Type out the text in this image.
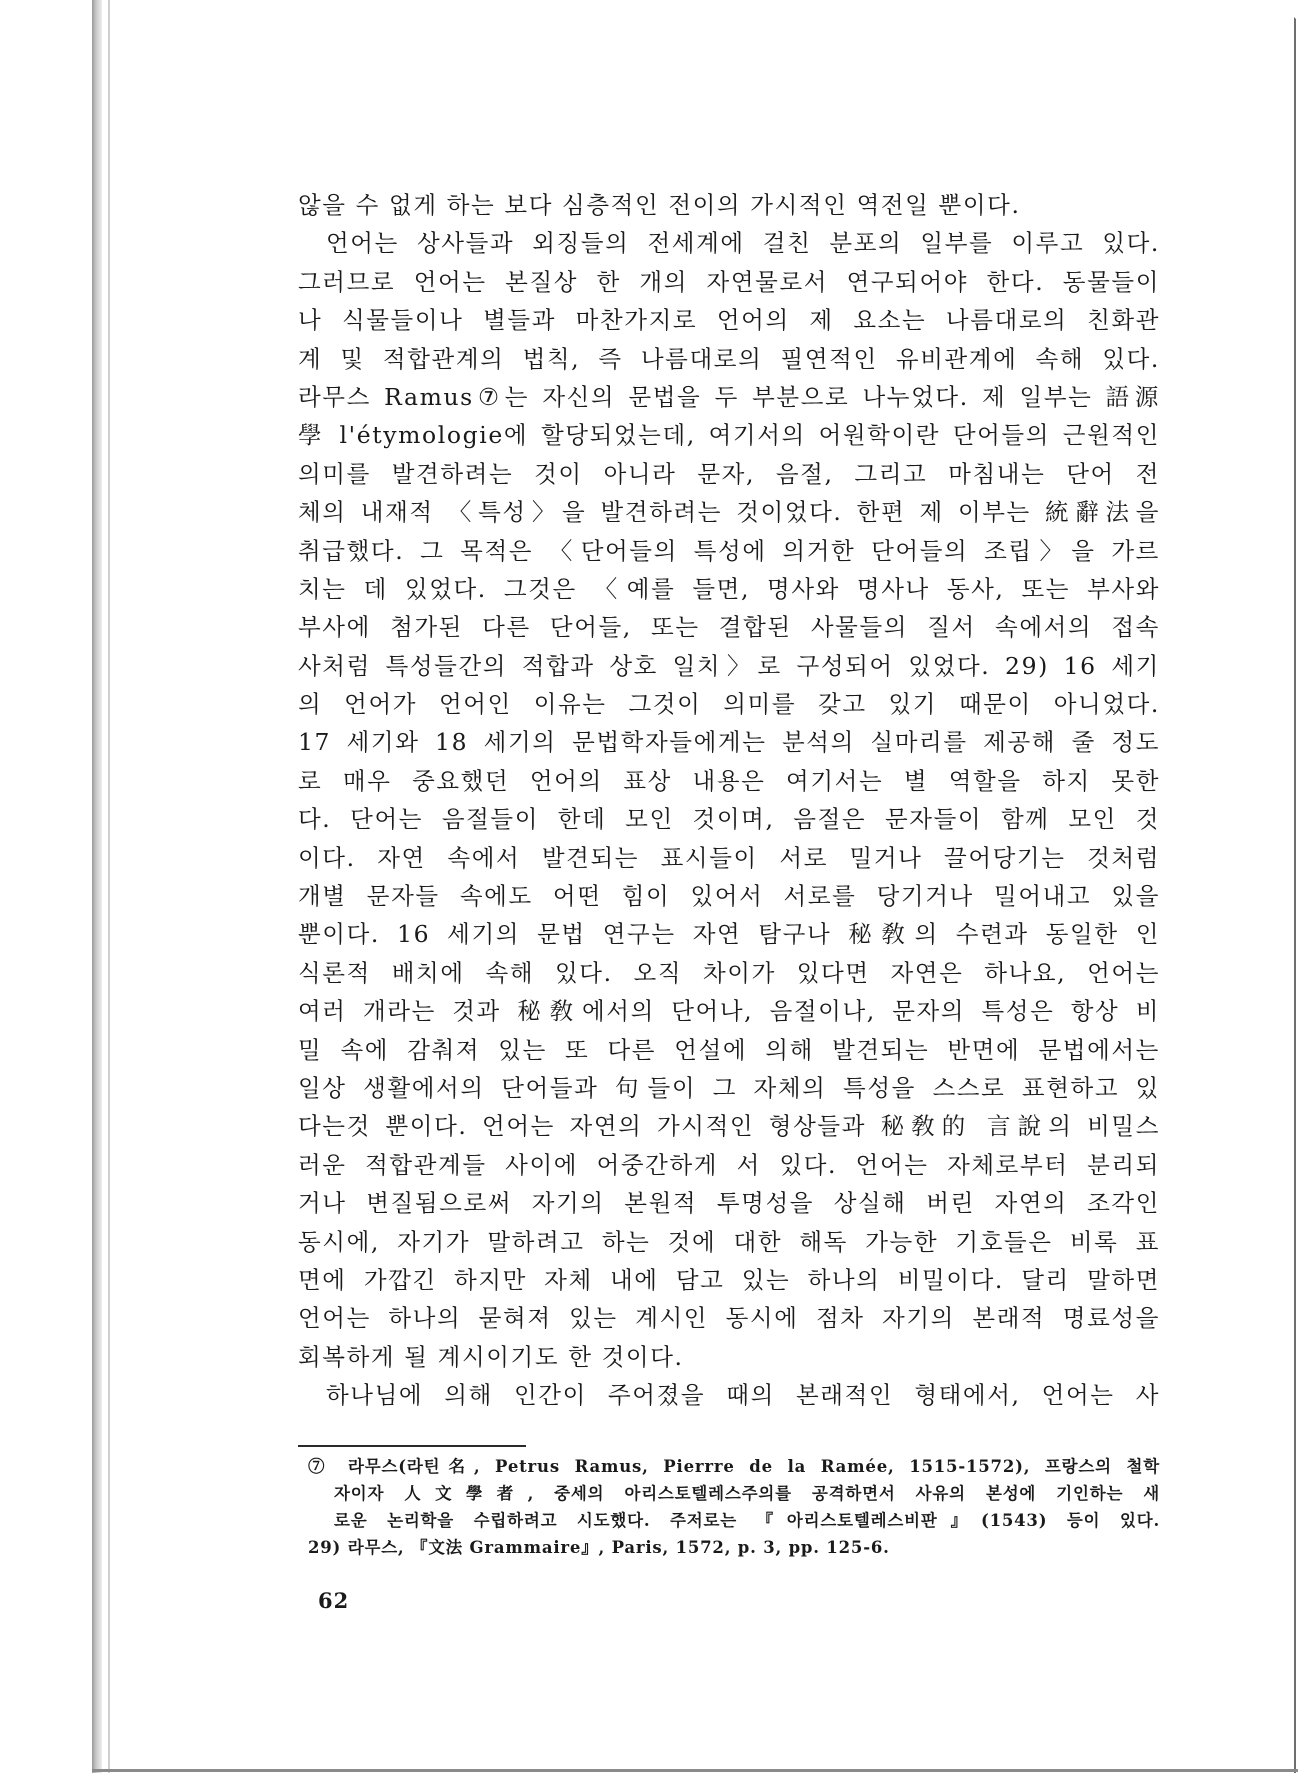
않을 수 없게 하는 보다 심층적인 전이의 가시적인 역전일 뿐이다.
언어는 상사들과 외징들의 전세계에 걸친 분포의 일부를 이루고 있다.
그러므로 언어는 본질상 한 개의 자연물로서 연구되어야 한다. 동물들이
나 식물들이나 별들과 마찬가지로 언어의 제 요소는 나름대로의 친화관
계 및 적합관계의 법칙, 즉 나름대로의 필연적인 유비관계에 속해 있다.
라무스 Ramus⑦는 자신의 문법을 두 부분으로 나누었다. 제 일부는 語源
學 l'étymologie에 할당되었는데, 여기서의 어원학이란 단어들의 근원적인
의미를 발견하려는 것이 아니라 문자, 음절, 그리고 마침내는 단어 전
체의 내재적 〈특성〉을 발견하려는 것이었다. 한편 제 이부는 統辭法을
취급했다. 그 목적은 〈단어들의 특성에 의거한 단어들의 조립〉을 가르
치는 데 있었다. 그것은 〈예를 들면, 명사와 명사나 동사, 또는 부사와
부사에 첨가된 다른 단어들, 또는 결합된 사물들의 질서 속에서의 접속
사처럼 특성들간의 적합과 상호 일치〉로 구성되어 있었다. 29) 16 세기
의 언어가 언어인 이유는 그것이 의미를 갖고 있기 때문이 아니었다.
17 세기와 18 세기의 문법학자들에게는 분석의 실마리를 제공해 줄 정도
로 매우 중요했던 언어의 표상 내용은 여기서는 별 역할을 하지 못한
다. 단어는 음절들이 한데 모인 것이며, 음절은 문자들이 함께 모인 것
이다. 자연 속에서 발견되는 표시들이 서로 밀거나 끌어당기는 것처럼
개별 문자들 속에도 어떤 힘이 있어서 서로를 당기거나 밀어내고 있을
뿐이다. 16 세기의 문법 연구는 자연 탐구나 秘敎의 수련과 동일한 인
식론적 배치에 속해 있다. 오직 차이가 있다면 자연은 하나요, 언어는
여러 개라는 것과 秘敎에서의 단어나, 음절이나, 문자의 특성은 항상 비
밀 속에 감춰져 있는 또 다른 언설에 의해 발견되는 반면에 문법에서는
일상 생활에서의 단어들과 句들이 그 자체의 특성을 스스로 표현하고 있
다는것 뿐이다. 언어는 자연의 가시적인 형상들과 秘敎的 言說의 비밀스
러운 적합관계들 사이에 어중간하게 서 있다. 언어는 자체로부터 분리되
거나 변질됨으로써 자기의 본원적 투명성을 상실해 버린 자연의 조각인
동시에, 자기가 말하려고 하는 것에 대한 해독 가능한 기호들은 비록 표
면에 가깝긴 하지만 자체 내에 담고 있는 하나의 비밀이다. 달리 말하면
언어는 하나의 묻혀져 있는 계시인 동시에 점차 자기의 본래적 명료성을
회복하게 될 계시이기도 한 것이다.
하나님에 의해 인간이 주어졌을 때의 본래적인 형태에서, 언어는 사
⑦ 라무스(라틴名, Petrus Ramus, Pierrre de la Ramée, 1515-1572), 프랑스의 철학
자이자 人文學者, 중세의 아리스토텔레스주의를 공격하면서 사유의 본성에 기인하는 새
로운 논리학을 수립하려고 시도했다. 주저로는 『아리스토텔레스비판』(1543) 등이 있다.
29) 라무스, 『文法 Grammaire』, Paris, 1572, p. 3, pp. 125-6.
62
